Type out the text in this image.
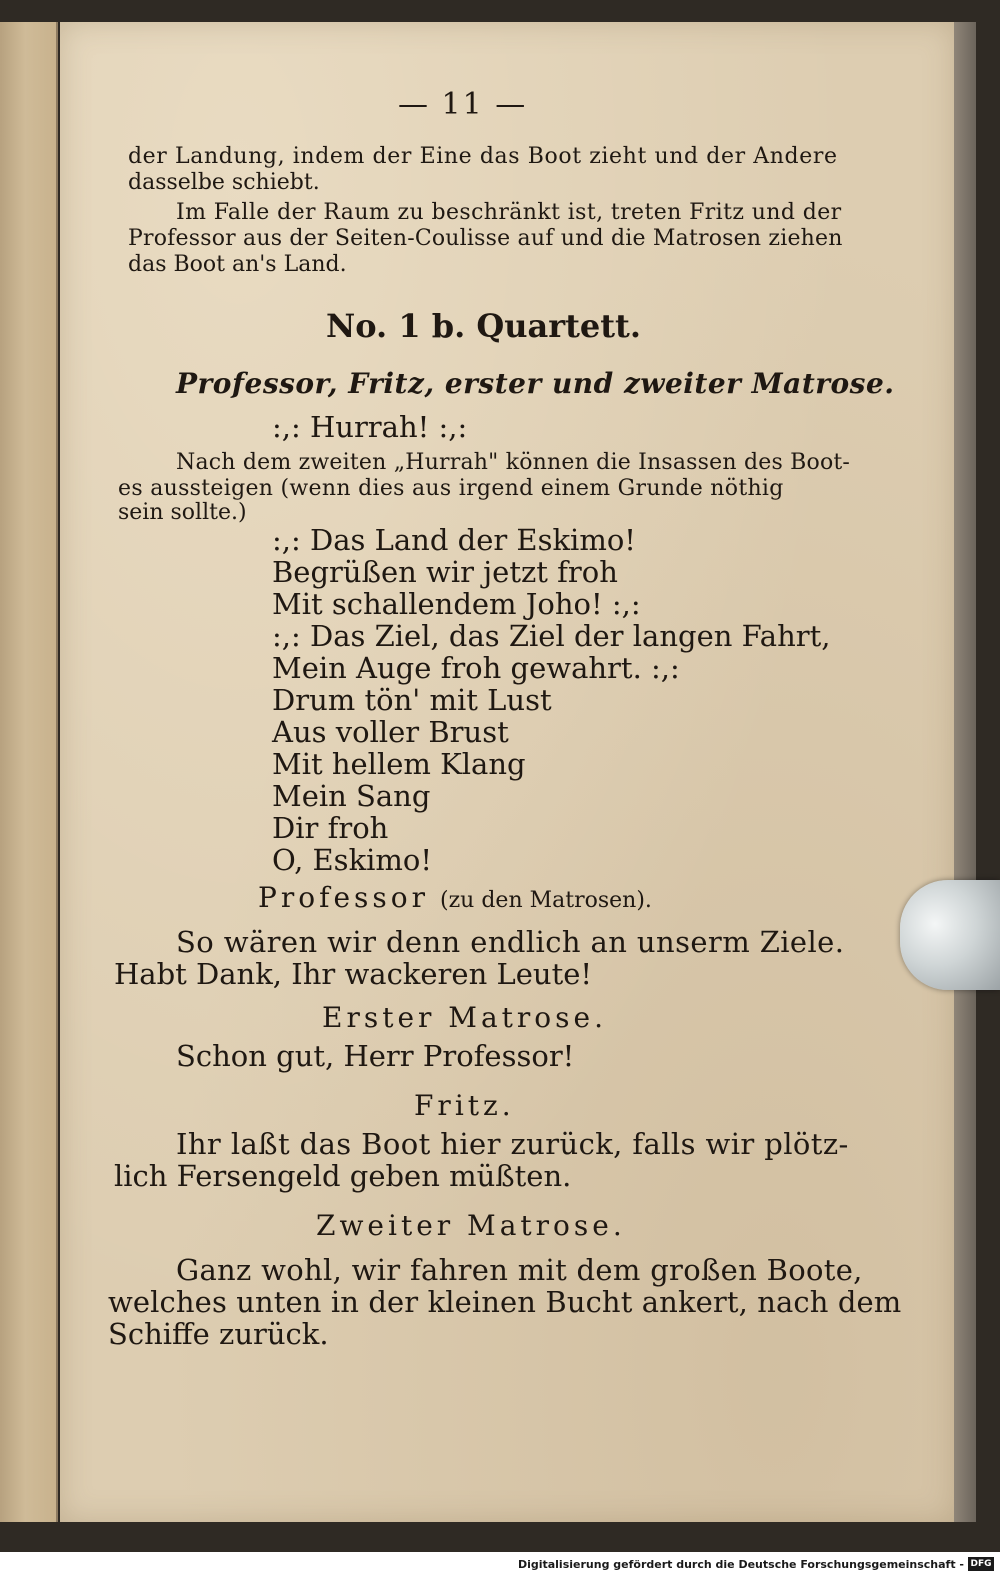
— 11 —
der Landung, indem der Eine das Boot zieht und der Andere
dasselbe schiebt.
Im Falle der Raum zu beschränkt ist, treten Fritz und der
Professor aus der Seiten-Coulisse auf und die Matrosen ziehen
das Boot an's Land.
No. 1 b. Quartett.
Professor, Fritz, erster und zweiter Matrose.
:,: Hurrah! :,:
Nach dem zweiten „Hurrah" können die Insassen des Boot-
es aussteigen (wenn dies aus irgend einem Grunde nöthig
sein sollte.)
:,: Das Land der Eskimo!
Begrüßen wir jetzt froh
Mit schallendem Joho! :,:
:,: Das Ziel, das Ziel der langen Fahrt,
Mein Auge froh gewahrt. :,:
Drum tön' mit Lust
Aus voller Brust
Mit hellem Klang
Mein Sang
Dir froh
O, Eskimo!
Professor (zu den Matrosen).
So wären wir denn endlich an unserm Ziele.
Habt Dank, Ihr wackeren Leute!
Erster Matrose.
Schon gut, Herr Professor!
Fritz.
Ihr laßt das Boot hier zurück, falls wir plötz-
lich Fersengeld geben müßten.
Zweiter Matrose.
Ganz wohl, wir fahren mit dem großen Boote,
welches unten in der kleinen Bucht ankert, nach dem
Schiffe zurück.
Digitalisierung gefördert durch die Deutsche Forschungsgemeinschaft - DFG
